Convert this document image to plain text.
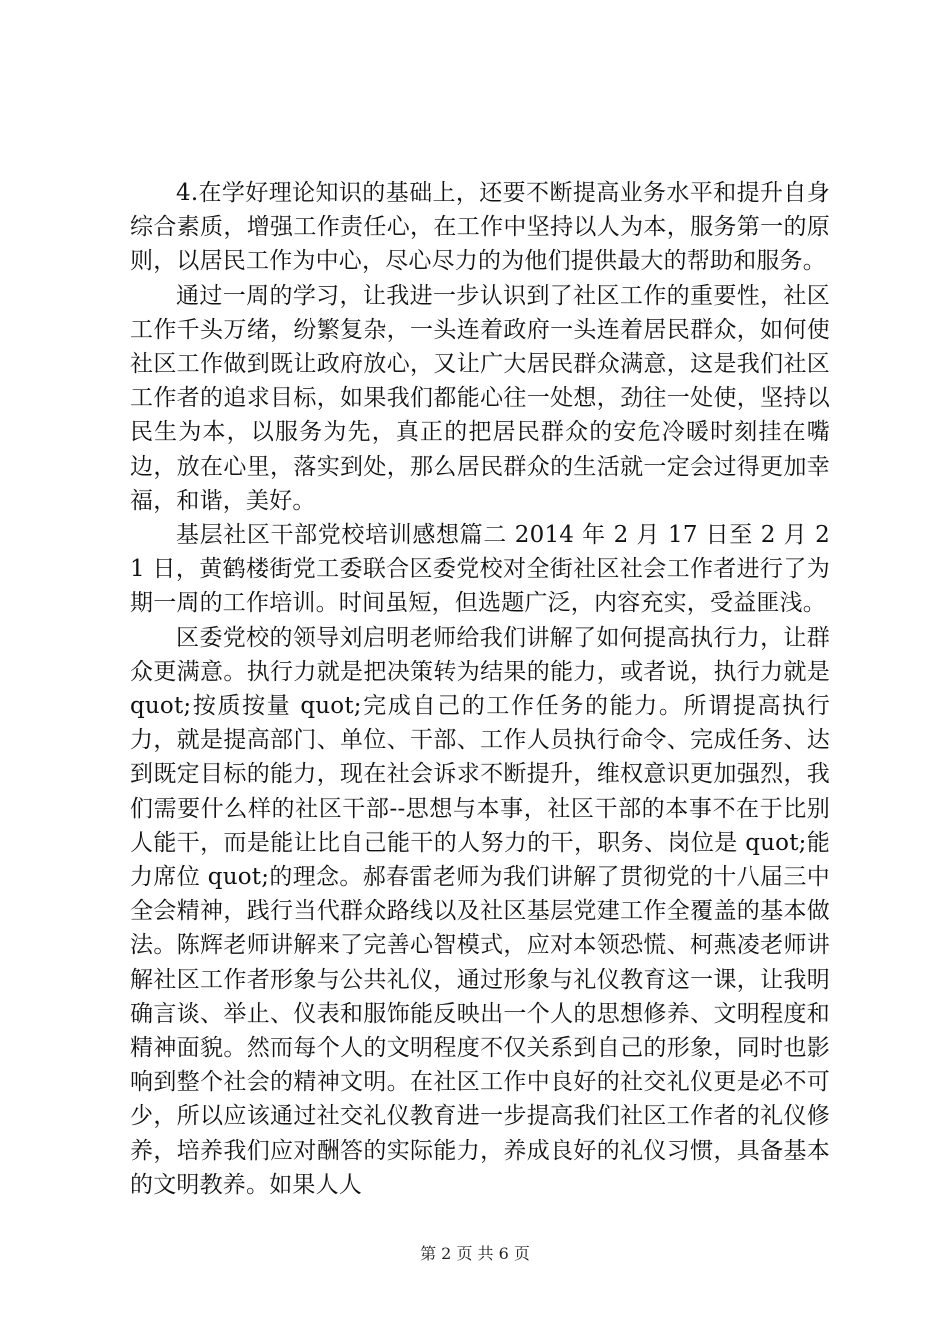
4.在学好理论知识的基础上，还要不断提高业务水平和提升自身综合素质，增强工作责任心，在工作中坚持以人为本，服务第一的原则，以居民工作为中心，尽心尽力的为他们提供最大的帮助和服务。

通过一周的学习，让我进一步认识到了社区工作的重要性，社区工作千头万绪，纷繁复杂，一头连着政府一头连着居民群众，如何使社区工作做到既让政府放心，又让广大居民群众满意，这是我们社区工作者的追求目标，如果我们都能心往一处想，劲往一处使，坚持以民生为本，以服务为先，真正的把居民群众的安危冷暖时刻挂在嘴边，放在心里，落实到处，那么居民群众的生活就一定会过得更加幸福，和谐，美好。

基层社区干部党校培训感想篇二 2014 年 2 月 17 日至 2 月 21 日，黄鹤楼街党工委联合区委党校对全街社区社会工作者进行了为期一周的工作培训。时间虽短，但选题广泛，内容充实，受益匪浅。

区委党校的领导刘启明老师给我们讲解了如何提高执行力，让群众更满意。执行力就是把决策转为结果的能力，或者说，执行力就是 quot;按质按量 quot;完成自己的工作任务的能力。所谓提高执行力，就是提高部门、单位、干部、工作人员执行命令、完成任务、达到既定目标的能力，现在社会诉求不断提升，维权意识更加强烈，我们需要什么样的社区干部--思想与本事，社区干部的本事不在于比别人能干，而是能让比自己能干的人努力的干，职务、岗位是 quot;能力席位 quot;的理念。郝春雷老师为我们讲解了贯彻党的十八届三中全会精神，践行当代群众路线以及社区基层党建工作全覆盖的基本做法。陈辉老师讲解来了完善心智模式，应对本领恐慌、柯燕凌老师讲解社区工作者形象与公共礼仪，通过形象与礼仪教育这一课，让我明确言谈、举止、仪表和服饰能反映出一个人的思想修养、文明程度和精神面貌。然而每个人的文明程度不仅关系到自己的形象，同时也影响到整个社会的精神文明。在社区工作中良好的社交礼仪更是必不可少，所以应该通过社交礼仪教育进一步提高我们社区工作者的礼仪修养，培养我们应对酬答的实际能力，养成良好的礼仪习惯，具备基本的文明教养。如果人人

第 2 页 共 6 页
